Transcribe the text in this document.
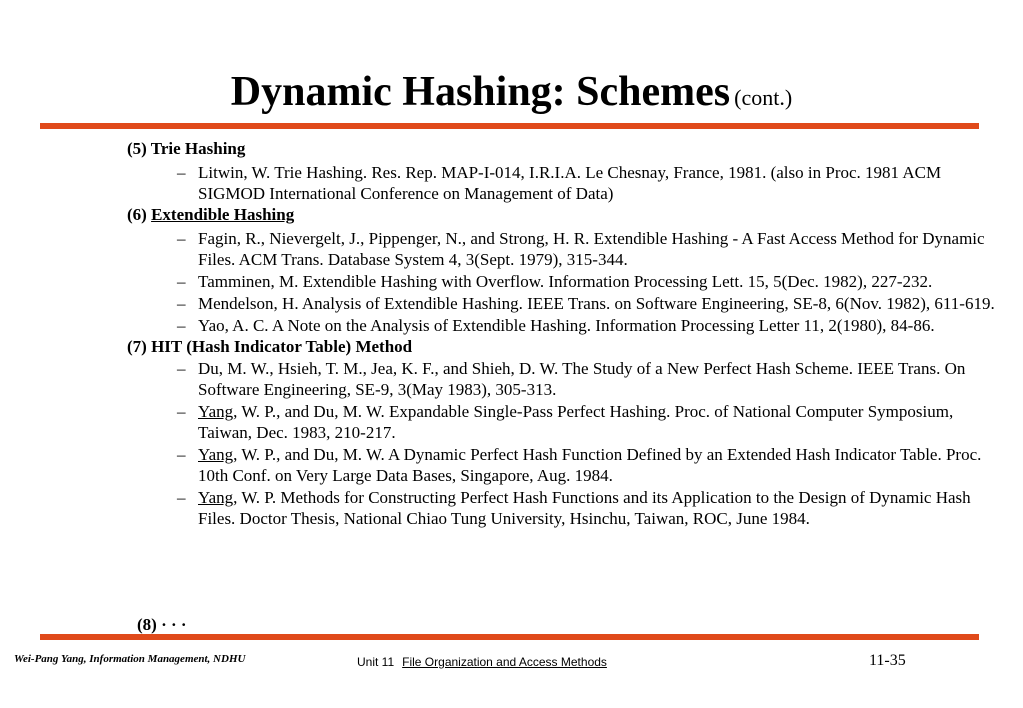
Dynamic Hashing: Schemes (cont.)
(5) Trie Hashing
– Litwin, W. Trie Hashing. Res. Rep. MAP-I-014, I.R.I.A. Le Chesnay, France, 1981. (also in Proc. 1981 ACM SIGMOD International Conference on Management of Data)
(6) Extendible Hashing
– Fagin, R., Nievergelt, J., Pippenger, N., and Strong, H. R. Extendible Hashing - A Fast Access Method for Dynamic Files. ACM Trans. Database System 4, 3(Sept. 1979), 315-344.
– Tamminen, M. Extendible Hashing with Overflow. Information Processing Lett. 15, 5(Dec. 1982), 227-232.
– Mendelson, H. Analysis of Extendible Hashing. IEEE Trans. on Software Engineering, SE-8, 6(Nov. 1982), 611-619.
– Yao, A. C. A Note on the Analysis of Extendible Hashing. Information Processing Letter 11, 2(1980), 84-86.
(7) HIT (Hash Indicator Table) Method
– Du, M. W., Hsieh, T. M., Jea, K. F., and Shieh, D. W. The Study of a New Perfect Hash Scheme. IEEE Trans. On Software Engineering, SE-9, 3(May 1983), 305-313.
– Yang, W. P., and Du, M. W. Expandable Single-Pass Perfect Hashing. Proc. of National Computer Symposium, Taiwan, Dec. 1983, 210-217.
– Yang, W. P., and Du, M. W. A Dynamic Perfect Hash Function Defined by an Extended Hash Indicator Table. Proc. 10th Conf. on Very Large Data Bases, Singapore, Aug. 1984.
– Yang, W. P. Methods for Constructing Perfect Hash Functions and its Application to the Design of Dynamic Hash Files. Doctor Thesis, National Chiao Tung University, Hsinchu, Taiwan, ROC, June 1984.
(8) · · ·
Wei-Pang Yang, Information Management, NDHU	Unit 11 File Organization and Access Methods	11-35
